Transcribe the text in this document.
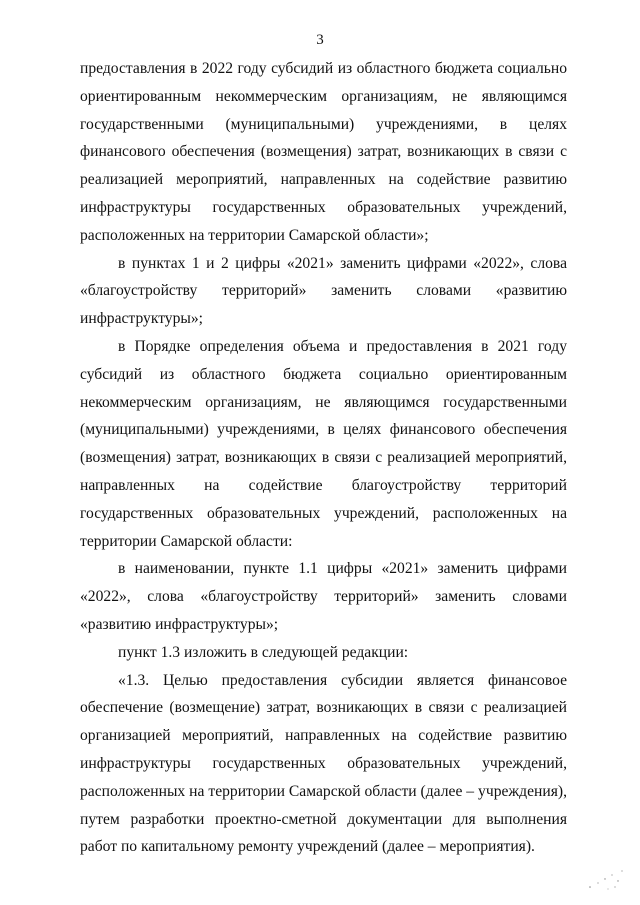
3

предоставления в 2022 году субсидий из областного бюджета социально ориентированным некоммерческим организациям, не являющимся государственными (муниципальными) учреждениями, в целях финансового обеспечения (возмещения) затрат, возникающих в связи с реализацией мероприятий, направленных на содействие развитию инфраструктуры государственных образовательных учреждений, расположенных на территории Самарской области»;

в пунктах 1 и 2 цифры «2021» заменить цифрами «2022», слова «благоустройству территорий» заменить словами «развитию инфраструктуры»;

в Порядке определения объема и предоставления в 2021 году субсидий из областного бюджета социально ориентированным некоммерческим организациям, не являющимся государственными (муниципальными) учреждениями, в целях финансового обеспечения (возмещения) затрат, возникающих в связи с реализацией мероприятий, направленных на содействие благоустройству территорий государственных образовательных учреждений, расположенных на территории Самарской области:

в наименовании, пункте 1.1 цифры «2021» заменить цифрами «2022», слова «благоустройству территорий» заменить словами «развитию инфраструктуры»;

пункт 1.3 изложить в следующей редакции:

«1.3. Целью предоставления субсидии является финансовое обеспечение (возмещение) затрат, возникающих в связи с реализацией организацией мероприятий, направленных на содействие развитию инфраструктуры государственных образовательных учреждений, расположенных на территории Самарской области (далее – учреждения), путем разработки проектно-сметной документации для выполнения работ по капитальному ремонту учреждений (далее – мероприятия).
